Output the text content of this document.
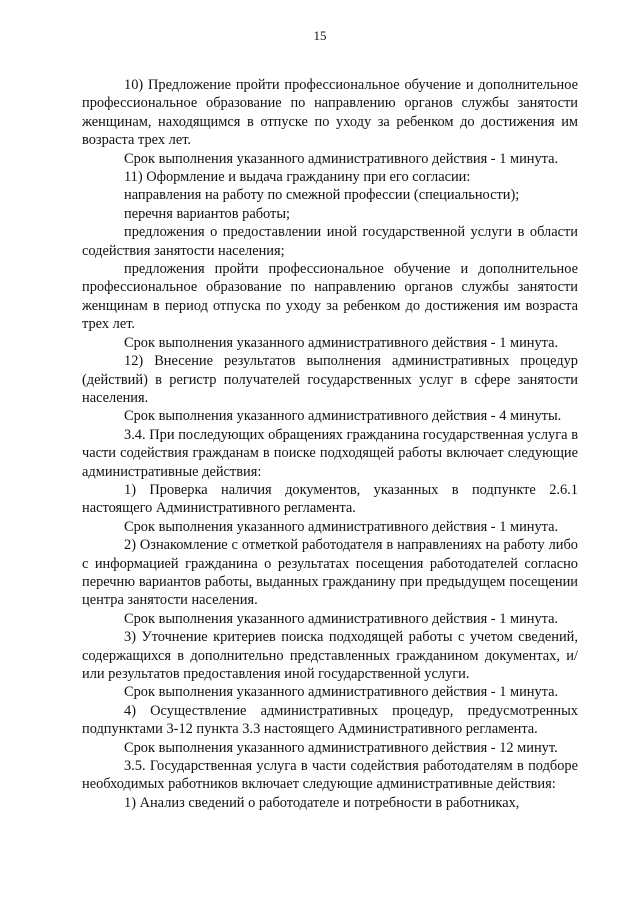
15

10) Предложение пройти профессиональное обучение и дополнительное профессиональное образование по направлению органов службы занятости женщинам, находящимся в отпуске по уходу за ребенком до достижения им возраста трех лет.

Срок выполнения указанного административного действия - 1 минута.

11) Оформление и выдача гражданину при его согласии:

направления на работу по смежной профессии (специальности);

перечня вариантов работы;

предложения о предоставлении иной государственной услуги в области содействия занятости населения;

предложения пройти профессиональное обучение и дополнительное профессиональное образование по направлению органов службы занятости женщинам в период отпуска по уходу за ребенком до достижения им возраста трех лет.

Срок выполнения указанного административного действия - 1 минута.

12) Внесение результатов выполнения административных процедур (действий) в регистр получателей государственных услуг в сфере занятости населения.

Срок выполнения указанного административного действия - 4 минуты.

3.4. При последующих обращениях гражданина государственная услуга в части содействия гражданам в поиске подходящей работы включает следующие административные действия:

1) Проверка наличия документов, указанных в подпункте 2.6.1 настоящего Административного регламента.

Срок выполнения указанного административного действия - 1 минута.

2) Ознакомление с отметкой работодателя в направлениях на работу либо с информацией гражданина о результатах посещения работодателей согласно перечню вариантов работы, выданных гражданину при предыдущем посещении центра занятости населения.

Срок выполнения указанного административного действия - 1 минута.

3) Уточнение критериев поиска подходящей работы с учетом сведений, содержащихся в дополнительно представленных гражданином документах, и/или результатов предоставления иной государственной услуги.

Срок выполнения указанного административного действия - 1 минута.

4) Осуществление административных процедур, предусмотренных подпунктами 3-12 пункта 3.3 настоящего Административного регламента.

Срок выполнения указанного административного действия - 12 минут.

3.5. Государственная услуга в части содействия работодателям в подборе необходимых работников включает следующие административные действия:

1) Анализ сведений о работодателе и потребности в работниках,
